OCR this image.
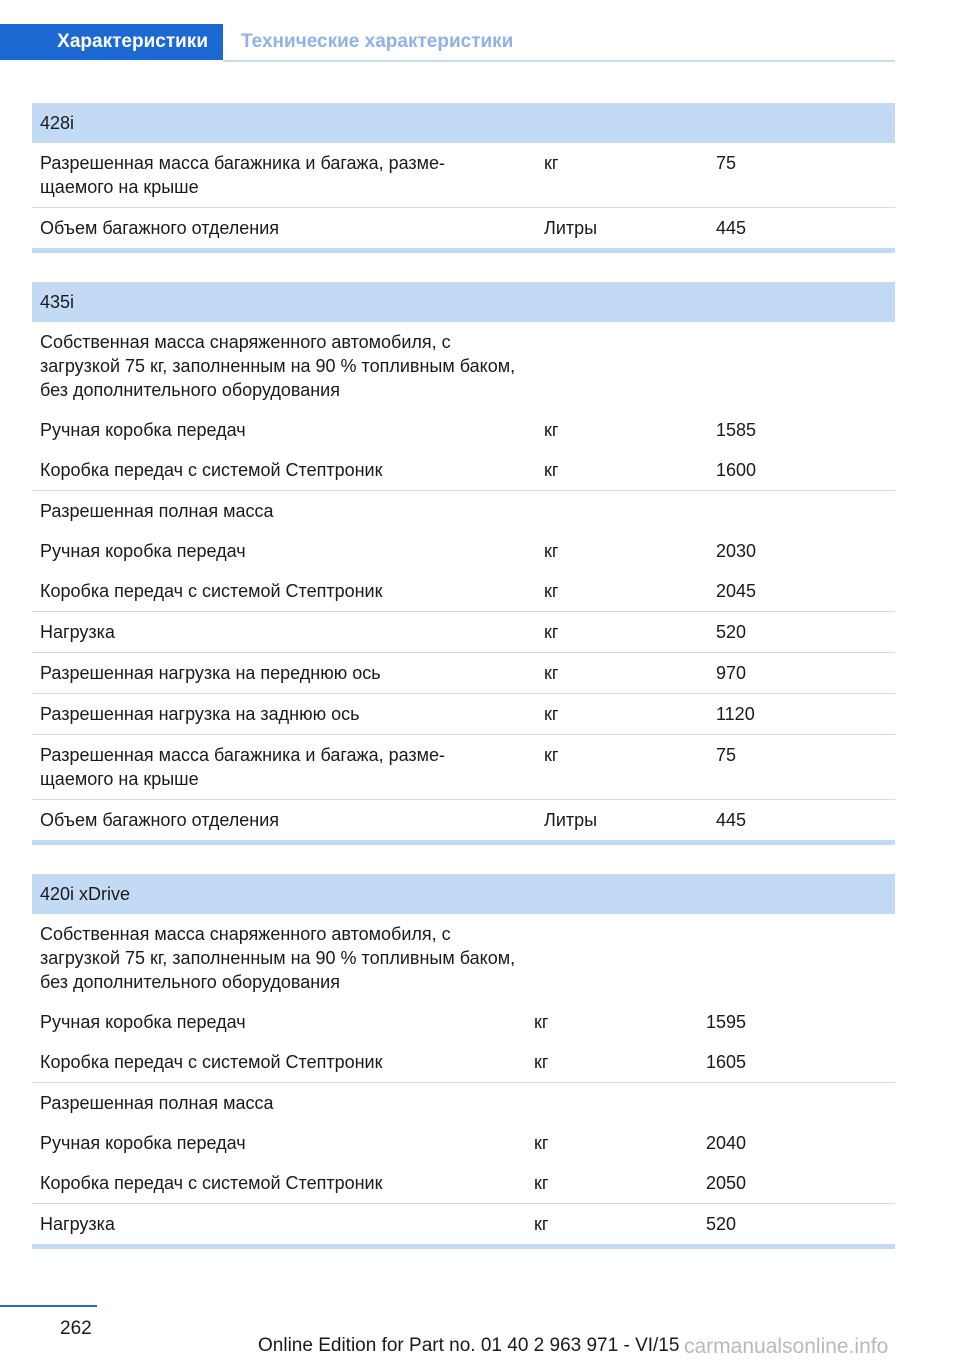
Характеристики	Технические характеристики
428i		
Разрешенная масса багажника и багажа, разме-щаемого на крыше	кг	75
Объем багажного отделения	Литры	445
435i		
Собственная масса снаряженного автомобиля, с загрузкой 75 кг, заполненным на 90 % топливным баком, без дополнительного оборудования		
Ручная коробка передач	кг	1585
Коробка передач с системой Стептроник	кг	1600
Разрешенная полная масса		
Ручная коробка передач	кг	2030
Коробка передач с системой Стептроник	кг	2045
Нагрузка	кг	520
Разрешенная нагрузка на переднюю ось	кг	970
Разрешенная нагрузка на заднюю ось	кг	1120
Разрешенная масса багажника и багажа, разме-щаемого на крыше	кг	75
Объем багажного отделения	Литры	445
420i xDrive		
Собственная масса снаряженного автомобиля, с загрузкой 75 кг, заполненным на 90 % топливным баком, без дополнительного оборудования		
Ручная коробка передач	кг	1595
Коробка передач с системой Стептроник	кг	1605
Разрешенная полная масса		
Ручная коробка передач	кг	2040
Коробка передач с системой Стептроник	кг	2050
Нагрузка	кг	520
262
Online Edition for Part no. 01 40 2 963 971 - VI/15 carmanualsonline.info
